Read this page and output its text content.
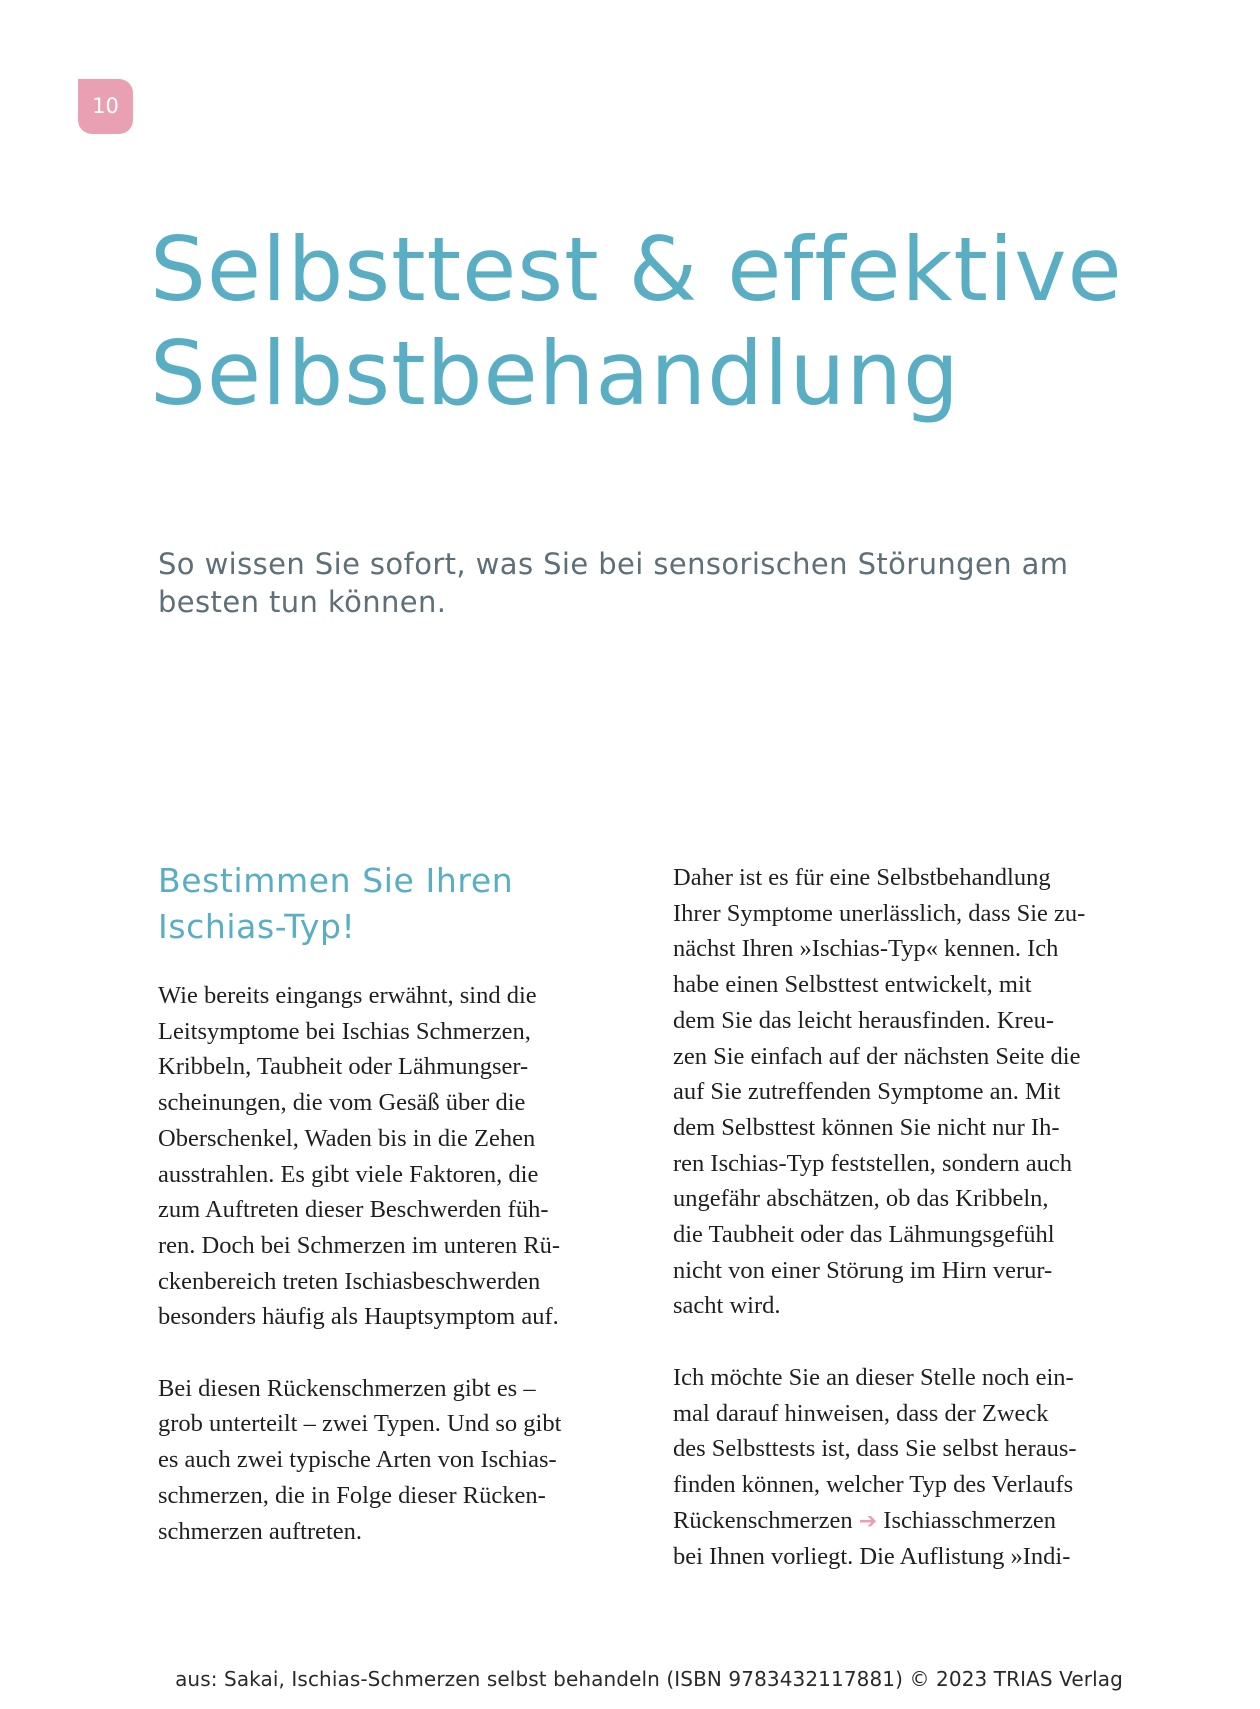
10
Selbsttest & effektive
Selbstbehandlung

So wissen Sie sofort, was Sie bei sensorischen Störungen am
besten tun können.

Bestimmen Sie Ihren
Ischias-Typ!

Wie bereits eingangs erwähnt, sind die
Leitsymptome bei Ischias Schmerzen,
Kribbeln, Taubheit oder Lähmungser-
scheinungen, die vom Gesäß über die
Oberschenkel, Waden bis in die Zehen
ausstrahlen. Es gibt viele Faktoren, die
zum Auftreten dieser Beschwerden füh-
ren. Doch bei Schmerzen im unteren Rü-
ckenbereich treten Ischiasbeschwerden
besonders häufig als Hauptsymptom auf.

Bei diesen Rückenschmerzen gibt es –
grob unterteilt – zwei Typen. Und so gibt
es auch zwei typische Arten von Ischias-
schmerzen, die in Folge dieser Rücken-
schmerzen auftreten.

Daher ist es für eine Selbstbehandlung
Ihrer Symptome unerlässlich, dass Sie zu-
nächst Ihren »Ischias-Typ« kennen. Ich
habe einen Selbsttest entwickelt, mit
dem Sie das leicht herausfinden. Kreu-
zen Sie einfach auf der nächsten Seite die
auf Sie zutreffenden Symptome an. Mit
dem Selbsttest können Sie nicht nur Ih-
ren Ischias-Typ feststellen, sondern auch
ungefähr abschätzen, ob das Kribbeln,
die Taubheit oder das Lähmungsgefühl
nicht von einer Störung im Hirn verur-
sacht wird.

Ich möchte Sie an dieser Stelle noch ein-
mal darauf hinweisen, dass der Zweck
des Selbsttests ist, dass Sie selbst heraus-
finden können, welcher Typ des Verlaufs
Rückenschmerzen ➔ Ischiasschmerzen
bei Ihnen vorliegt. Die Auflistung »Indi-

aus: Sakai, Ischias-Schmerzen selbst behandeln (ISBN 9783432117881) © 2023 TRIAS Verlag
